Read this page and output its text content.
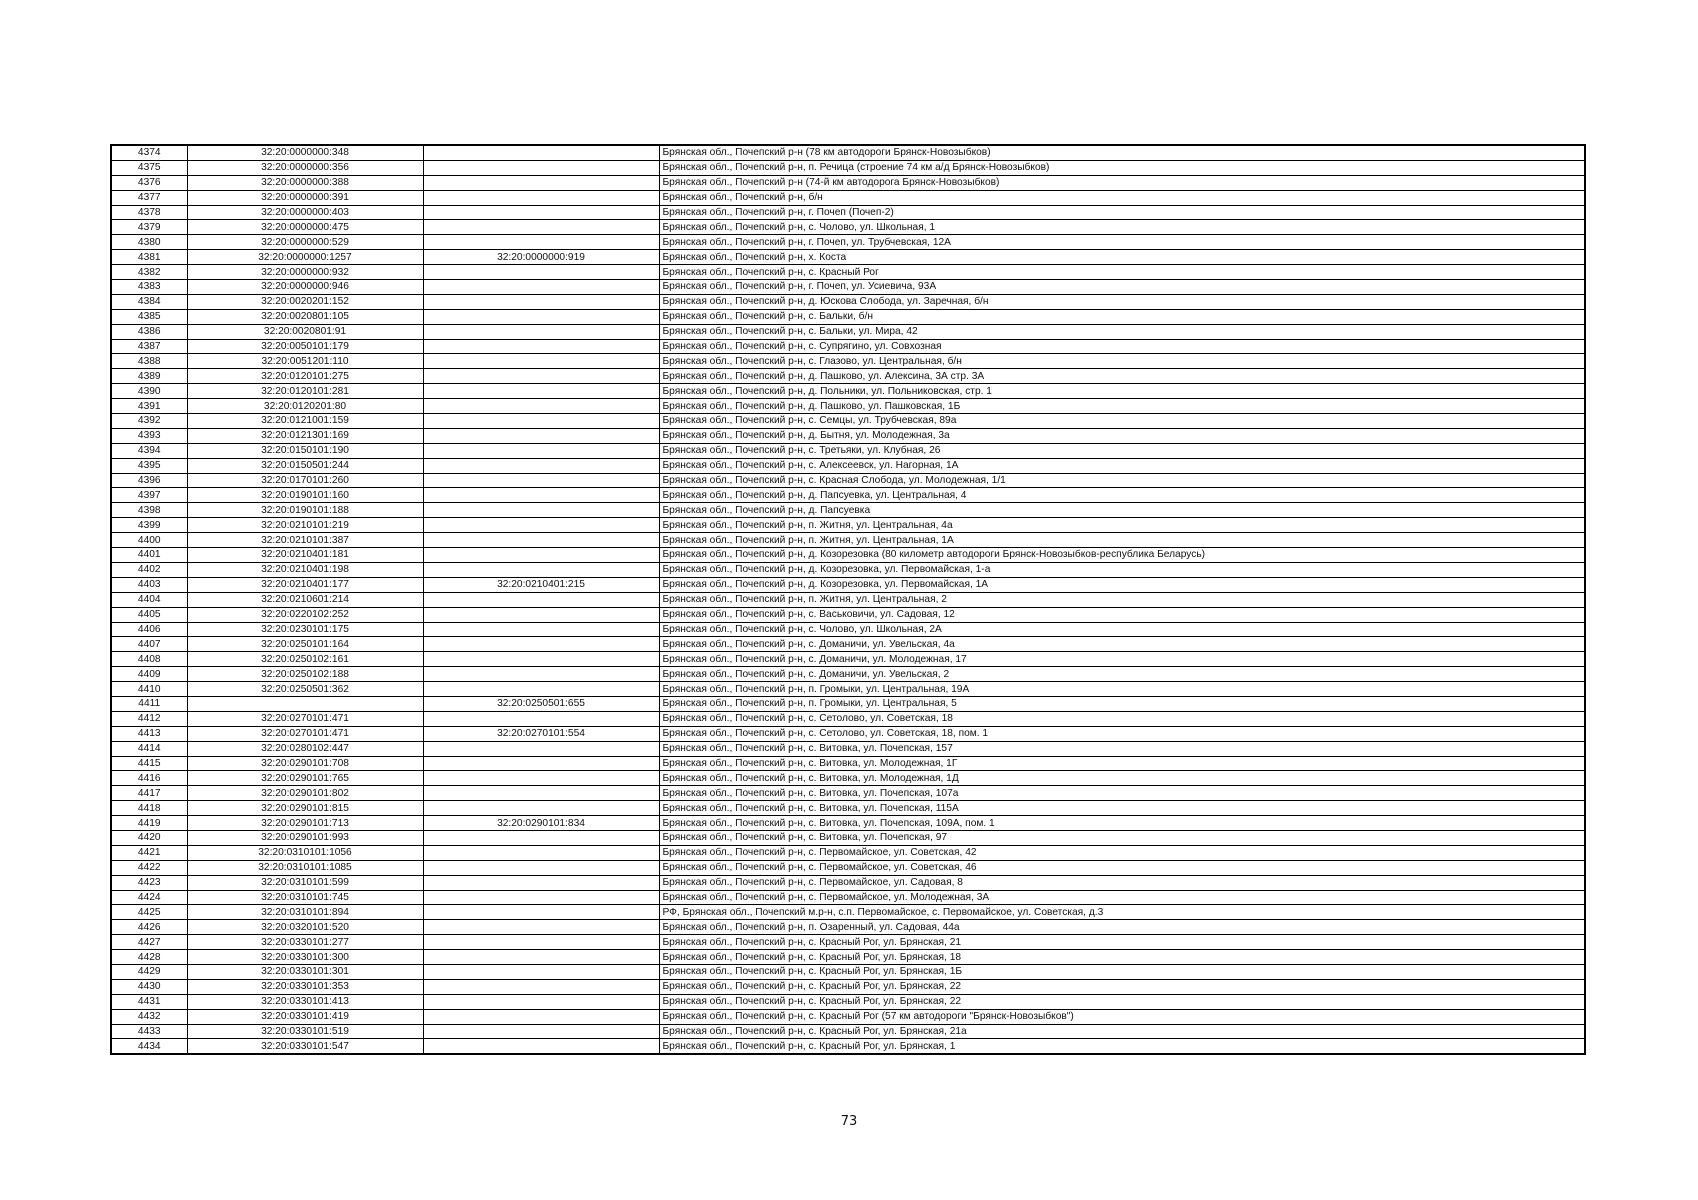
4374	32:20:0000000:348		Брянская обл., Почепский р-н (78 км автодороги Брянск-Новозыбков)
4375	32:20:0000000:356		Брянская обл., Почепский р-н, п. Речица (строение 74 км а/д Брянск-Новозыбков)
4376	32:20:0000000:388		Брянская обл., Почепский р-н (74-й км автодорога Брянск-Новозыбков)
4377	32:20:0000000:391		Брянская обл., Почепский р-н, б/н
4378	32:20:0000000:403		Брянская обл., Почепский р-н, г. Почеп (Почеп-2)
4379	32:20:0000000:475		Брянская обл., Почепский р-н, с. Чолово, ул. Школьная, 1
4380	32:20:0000000:529		Брянская обл., Почепский р-н, г. Почеп, ул. Трубчевская, 12А
4381	32:20:0000000:1257	32:20:0000000:919	Брянская обл., Почепский р-н, х. Коста
4382	32:20:0000000:932		Брянская обл., Почепский р-н, с. Красный Рог
4383	32:20:0000000:946		Брянская обл., Почепский р-н, г. Почеп, ул. Усиевича, 93А
4384	32:20:0020201:152		Брянская обл., Почепский р-н, д. Юскова Слобода, ул. Заречная, б/н
4385	32:20:0020801:105		Брянская обл., Почепский р-н, с. Бальки, б/н
4386	32:20:0020801:91		Брянская обл., Почепский р-н, с. Бальки, ул. Мира, 42
4387	32:20:0050101:179		Брянская обл., Почепский р-н, с. Супрягино, ул. Совхозная
4388	32:20:0051201:110		Брянская обл., Почепский р-н, с. Глазово, ул. Центральная, б/н
4389	32:20:0120101:275		Брянская обл., Почепский р-н, д. Пашково, ул. Алексина, 3А стр. 3А
4390	32:20:0120101:281		Брянская обл., Почепский р-н, д. Польники, ул. Польниковская, стр. 1
4391	32:20:0120201:80		Брянская обл., Почепский р-н, д. Пашково, ул. Пашковская, 1Б
4392	32:20:0121001:159		Брянская обл., Почепский р-н, с. Семцы, ул. Трубчевская, 89а
4393	32:20:0121301:169		Брянская обл., Почепский р-н, д. Бытня, ул. Молодежная, 3а
4394	32:20:0150101:190		Брянская обл., Почепский р-н, с. Третьяки, ул. Клубная, 26
4395	32:20:0150501:244		Брянская обл., Почепский р-н, с. Алексеевск, ул. Нагорная, 1А
4396	32:20:0170101:260		Брянская обл., Почепский р-н, с. Красная Слобода, ул. Молодежная, 1/1
4397	32:20:0190101:160		Брянская обл., Почепский р-н, д. Папсуевка, ул. Центральная, 4
4398	32:20:0190101:188		Брянская обл., Почепский р-н, д. Папсуевка
4399	32:20:0210101:219		Брянская обл., Почепский р-н, п. Житня, ул. Центральная, 4а
4400	32:20:0210101:387		Брянская обл., Почепский р-н, п. Житня, ул. Центральная, 1А
4401	32:20:0210401:181		Брянская обл., Почепский р-н, д. Козорезовка (80 километр автодороги Брянск-Новозыбков-республика Беларусь)
4402	32:20:0210401:198		Брянская обл., Почепский р-н, д. Козорезовка, ул. Первомайская, 1-а
4403	32:20:0210401:177	32:20:0210401:215	Брянская обл., Почепский р-н, д. Козорезовка, ул. Первомайская, 1А
4404	32:20:0210601:214		Брянская обл., Почепский р-н, п. Житня, ул. Центральная, 2
4405	32:20:0220102:252		Брянская обл., Почепский р-н, с. Васьковичи, ул. Садовая, 12
4406	32:20:0230101:175		Брянская обл., Почепский р-н, с. Чолово, ул. Школьная, 2А
4407	32:20:0250101:164		Брянская обл., Почепский р-н, с. Доманичи, ул. Увельская, 4а
4408	32:20:0250102:161		Брянская обл., Почепский р-н, с. Доманичи, ул. Молодежная, 17
4409	32:20:0250102:188		Брянская обл., Почепский р-н, с. Доманичи, ул. Увельская, 2
4410	32:20:0250501:362		Брянская обл., Почепский р-н, п. Громыки, ул. Центральная, 19А
4411		32:20:0250501:655	Брянская обл., Почепский р-н, п. Громыки, ул. Центральная, 5
4412	32:20:0270101:471		Брянская обл., Почепский р-н, с. Сетолово, ул. Советская, 18
4413	32:20:0270101:471	32:20:0270101:554	Брянская обл., Почепский р-н, с. Сетолово, ул. Советская, 18, пом. 1
4414	32:20:0280102:447		Брянская обл., Почепский р-н, с. Витовка, ул. Почепская, 157
4415	32:20:0290101:708		Брянская обл., Почепский р-н, с. Витовка, ул. Молодежная, 1Г
4416	32:20:0290101:765		Брянская обл., Почепский р-н, с. Витовка, ул. Молодежная, 1Д
4417	32:20:0290101:802		Брянская обл., Почепский р-н, с. Витовка, ул. Почепская, 107а
4418	32:20:0290101:815		Брянская обл., Почепский р-н, с. Витовка, ул. Почепская, 115А
4419	32:20:0290101:713	32:20:0290101:834	Брянская обл., Почепский р-н, с. Витовка, ул. Почепская, 109А, пом. 1
4420	32:20:0290101:993		Брянская обл., Почепский р-н, с. Витовка, ул. Почепская, 97
4421	32:20:0310101:1056		Брянская обл., Почепский р-н, с. Первомайское, ул. Советская, 42
4422	32:20:0310101:1085		Брянская обл., Почепский р-н, с. Первомайское, ул. Советская, 46
4423	32:20:0310101:599		Брянская обл., Почепский р-н, с. Первомайское, ул. Садовая, 8
4424	32:20:0310101:745		Брянская обл., Почепский р-н, с. Первомайское, ул. Молодежная, 3А
4425	32:20:0310101:894		РФ, Брянская обл., Почепский м.р-н, с.п. Первомайское, с. Первомайское, ул. Советская, д.3
4426	32:20:0320101:520		Брянская обл., Почепский р-н, п. Озаренный, ул. Садовая, 44а
4427	32:20:0330101:277		Брянская обл., Почепский р-н, с. Красный Рог, ул. Брянская, 21
4428	32:20:0330101:300		Брянская обл., Почепский р-н, с. Красный Рог, ул. Брянская, 18
4429	32:20:0330101:301		Брянская обл., Почепский р-н, с. Красный Рог, ул. Брянская, 1Б
4430	32:20:0330101:353		Брянская обл., Почепский р-н, с. Красный Рог, ул. Брянская, 22
4431	32:20:0330101:413		Брянская обл., Почепский р-н, с. Красный Рог, ул. Брянская, 22
4432	32:20:0330101:419		Брянская обл., Почепский р-н, с. Красный Рог (57 км автодороги "Брянск-Новозыбков")
4433	32:20:0330101:519		Брянская обл., Почепский р-н, с. Красный Рог, ул. Брянская, 21а
4434	32:20:0330101:547		Брянская обл., Почепский р-н, с. Красный Рог, ул. Брянская, 1
73
